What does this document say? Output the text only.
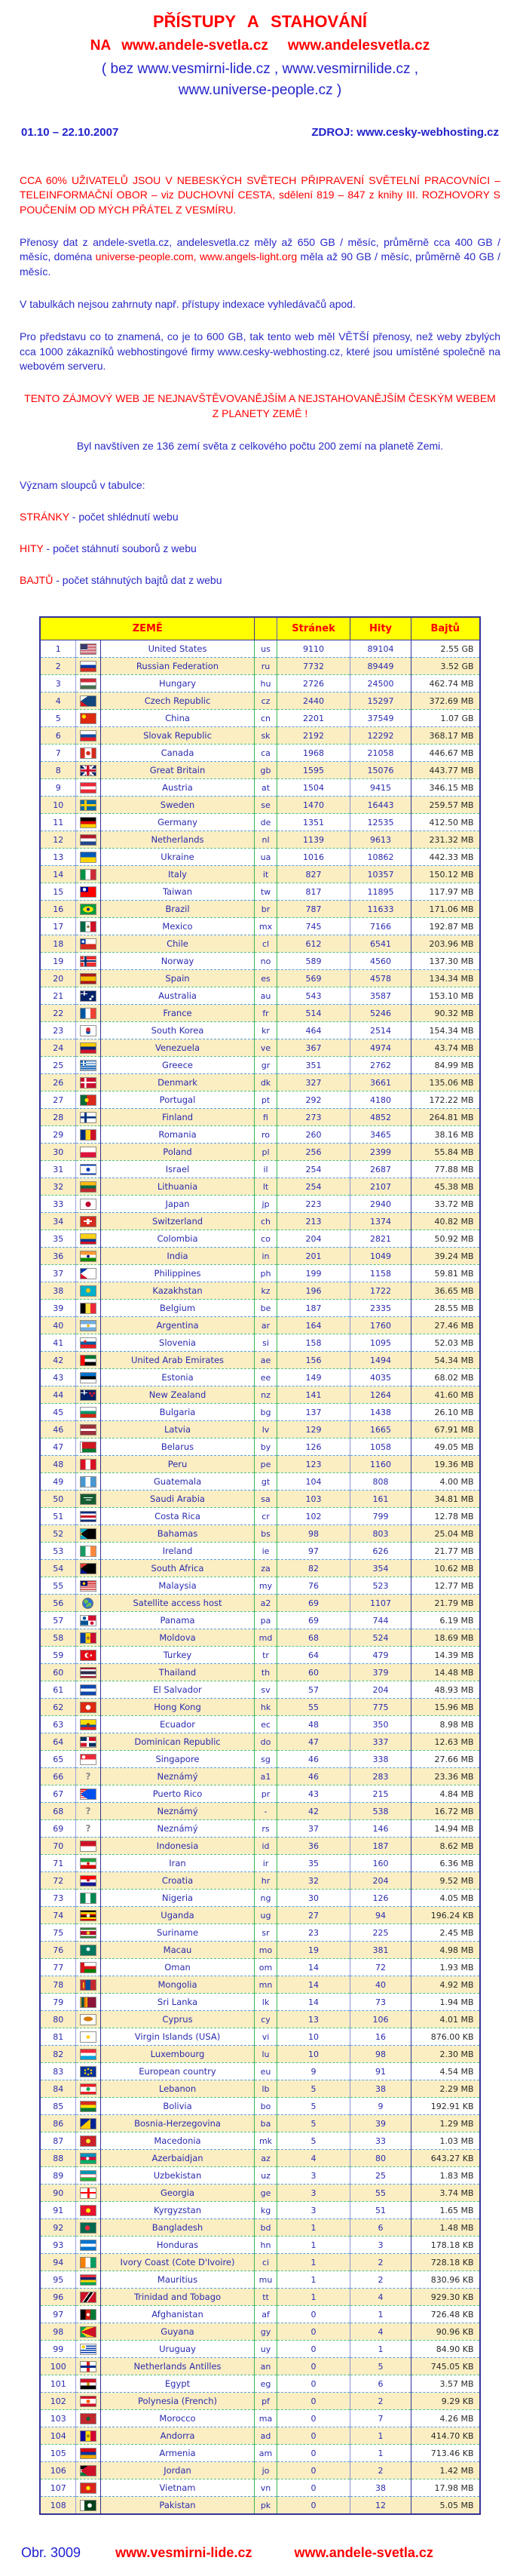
PŘÍSTUPY A STAHOVÁNÍ
NA www.andele-svetla.cz www.andelesvetla.cz
( bez www.vesmirni-lide.cz , www.vesmirnilide.cz ,
www.universe-people.cz )
01.10 – 22.10.2007	ZDROJ: www.cesky-webhosting.cz
CCA 60% UŽIVATELŮ JSOU V NEBESKÝCH SVĚTECH PŘIPRAVENÍ SVĚTELNÍ PRACOVNÍCI – TELEINFORMAČNÍ OBOR – viz DUCHOVNÍ CESTA, sdělení 819 – 847 z knihy III. ROZHOVORY S POUČENÍM OD MÝCH PŘÁTEL Z VESMÍRU.
Přenosy dat z andele-svetla.cz, andelesvetla.cz měly až 650 GB / měsíc, průměrně cca 400 GB / měsíc, doména universe-people.com, www.angels-light.org měla až 90 GB / měsíc, průměrně 40 GB / měsíc.
V tabulkách nejsou zahrnuty např. přístupy indexace vyhledávačů apod.
Pro představu co to znamená, co je to 600 GB, tak tento web měl VĚTŠÍ přenosy, než weby zbylých cca 1000 zákazníků webhostingové firmy www.cesky-webhosting.cz, které jsou umístěné společně na webovém serveru.
TENTO ZÁJMOVÝ WEB JE NEJNAVŠTĚVOVANĚJŠÍM A NEJSTAHOVANĚJŠÍM ČESKÝM WEBEM Z PLANETY ZEMĚ !
Byl navštíven ze 136 zemí světa z celkového počtu 200 zemí na planetě Zemi.
Význam sloupců v tabulce:
STRÁNKY - počet shlédnutí webu
HITY - počet stáhnutí souborů z webu
BAJTŮ - počet stáhnutých bajtů dat z webu
ZEMĚ				Stránek	Hity	Bajtů
1		United States	us	9110	89104	2.55 GB
2		Russian Federation	ru	7732	89449	3.52 GB
3		Hungary	hu	2726	24500	462.74 MB
4		Czech Republic	cz	2440	15297	372.69 MB
5		China	cn	2201	37549	1.07 GB
6		Slovak Republic	sk	2192	12292	368.17 MB
7		Canada	ca	1968	21058	446.67 MB
8		Great Britain	gb	1595	15076	443.77 MB
9		Austria	at	1504	9415	346.15 MB
10		Sweden	se	1470	16443	259.57 MB
11		Germany	de	1351	12535	412.50 MB
12		Netherlands	nl	1139	9613	231.32 MB
13		Ukraine	ua	1016	10862	442.33 MB
14		Italy	it	827	10357	150.12 MB
15		Taiwan	tw	817	11895	117.97 MB
16		Brazil	br	787	11633	171.06 MB
17		Mexico	mx	745	7166	192.87 MB
18		Chile	cl	612	6541	203.96 MB
19		Norway	no	589	4560	137.30 MB
20		Spain	es	569	4578	134.34 MB
21		Australia	au	543	3587	153.10 MB
22		France	fr	514	5246	90.32 MB
23		South Korea	kr	464	2514	154.34 MB
24		Venezuela	ve	367	4974	43.74 MB
25		Greece	gr	351	2762	84.99 MB
26		Denmark	dk	327	3661	135.06 MB
27		Portugal	pt	292	4180	172.22 MB
28		Finland	fi	273	4852	264.81 MB
29		Romania	ro	260	3465	38.16 MB
30		Poland	pl	256	2399	55.84 MB
31		Israel	il	254	2687	77.88 MB
32		Lithuania	lt	254	2107	45.38 MB
33		Japan	jp	223	2940	33.72 MB
34		Switzerland	ch	213	1374	40.82 MB
35		Colombia	co	204	2821	50.92 MB
36		India	in	201	1049	39.24 MB
37		Philippines	ph	199	1158	59.81 MB
38		Kazakhstan	kz	196	1722	36.65 MB
39		Belgium	be	187	2335	28.55 MB
40		Argentina	ar	164	1760	27.46 MB
41		Slovenia	si	158	1095	52.03 MB
42		United Arab Emirates	ae	156	1494	54.34 MB
43		Estonia	ee	149	4035	68.02 MB
44		New Zealand	nz	141	1264	41.60 MB
45		Bulgaria	bg	137	1438	26.10 MB
46		Latvia	lv	129	1665	67.91 MB
47		Belarus	by	126	1058	49.05 MB
48		Peru	pe	123	1160	19.36 MB
49		Guatemala	gt	104	808	4.00 MB
50		Saudi Arabia	sa	103	161	34.81 MB
51		Costa Rica	cr	102	799	12.78 MB
52		Bahamas	bs	98	803	25.04 MB
53		Ireland	ie	97	626	21.77 MB
54		South Africa	za	82	354	10.62 MB
55		Malaysia	my	76	523	12.77 MB
56		Satellite access host	a2	69	1107	21.79 MB
57		Panama	pa	69	744	6.19 MB
58		Moldova	md	68	524	18.69 MB
59		Turkey	tr	64	479	14.39 MB
60		Thailand	th	60	379	14.48 MB
61		El Salvador	sv	57	204	48.93 MB
62		Hong Kong	hk	55	775	15.96 MB
63		Ecuador	ec	48	350	8.98 MB
64		Dominican Republic	do	47	337	12.63 MB
65		Singapore	sg	46	338	27.66 MB
66	?	Neznámý	a1	46	283	23.36 MB
67		Puerto Rico	pr	43	215	4.84 MB
68	?	Neznámý	-	42	538	16.72 MB
69	?	Neznámý	rs	37	146	14.94 MB
70		Indonesia	id	36	187	8.62 MB
71		Iran	ir	35	160	6.36 MB
72		Croatia	hr	32	204	9.52 MB
73		Nigeria	ng	30	126	4.05 MB
74		Uganda	ug	27	94	196.24 KB
75		Suriname	sr	23	225	2.45 MB
76		Macau	mo	19	381	4.98 MB
77		Oman	om	14	72	1.93 MB
78		Mongolia	mn	14	40	4.92 MB
79		Sri Lanka	lk	14	73	1.94 MB
80		Cyprus	cy	13	106	4.01 MB
81		Virgin Islands (USA)	vi	10	16	876.00 KB
82		Luxembourg	lu	10	98	2.30 MB
83		European country	eu	9	91	4.54 MB
84		Lebanon	lb	5	38	2.29 MB
85		Bolivia	bo	5	9	192.91 KB
86		Bosnia-Herzegovina	ba	5	39	1.29 MB
87		Macedonia	mk	5	33	1.03 MB
88		Azerbaidjan	az	4	80	643.27 KB
89		Uzbekistan	uz	3	25	1.83 MB
90		Georgia	ge	3	55	3.74 MB
91		Kyrgyzstan	kg	3	51	1.65 MB
92		Bangladesh	bd	1	6	1.48 MB
93		Honduras	hn	1	3	178.18 KB
94		Ivory Coast (Cote D'Ivoire)	ci	1	2	728.18 KB
95		Mauritius	mu	1	2	830.96 KB
96		Trinidad and Tobago	tt	1	4	929.30 KB
97		Afghanistan	af	0	1	726.48 KB
98		Guyana	gy	0	4	90.96 KB
99		Uruguay	uy	0	1	84.90 KB
100		Netherlands Antilles	an	0	5	745.05 KB
101		Egypt	eg	0	6	3.57 MB
102		Polynesia (French)	pf	0	2	9.29 KB
103		Morocco	ma	0	7	4.26 MB
104		Andorra	ad	0	1	414.70 KB
105		Armenia	am	0	1	713.46 KB
106		Jordan	jo	0	2	1.42 MB
107		Vietnam	vn	0	38	17.98 MB
108		Pakistan	pk	0	12	5.05 MB
Obr. 3009	www.vesmirni-lide.cz	www.andele-svetla.cz
